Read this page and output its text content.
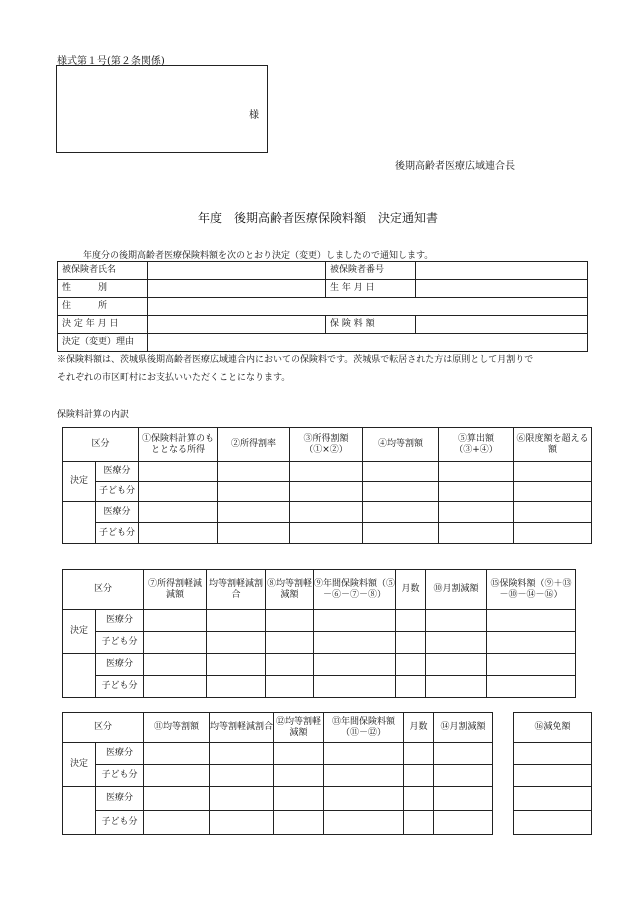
様式第１号(第２条関係)
様
後期高齢者医療広域連合長
年度　後期高齢者医療保険料額　決定通知書
年度分の後期高齢者医療保険料額を次のとおり決定（変更）しましたので通知します。
被保険者氏名		被保険者番号	
性　　　別		生 年 月 日	
住　　　所			
決 定 年 月 日		保 険 料 額	
決定（変更）理由			
※保険料額は、茨城県後期高齢者医療広域連合内においての保険料です。茨城県で転居された方は原則として月割りで
それぞれの市区町村にお支払いいただくことになります。
保険料計算の内訳
区分		①保険料計算のもととなる所得	②所得割率	③所得割額（①×②）	④均等割額	⑤算出額（③+④）	⑥限度額を超える額
決定	医療分						
	子ども分						
	医療分						
	子ども分						
区分		⑦所得割軽減減額	均等割軽減割合	⑧均等割軽減額	⑨年間保険料額（⑤－⑥－⑦－⑧）	月数	⑩月割減額	⑮保険料額（⑨＋⑬－⑩－⑭－⑯）
決定	医療分							
	子ども分							
	医療分							
	子ども分							
区分		⑪均等割額	均等割軽減割合	⑫均等割軽減額	⑬年間保険料額（⑪－⑫）	月数	⑭月割減額
決定	医療分						
	子ども分						
	医療分						
	子ども分						
⑯減免額
